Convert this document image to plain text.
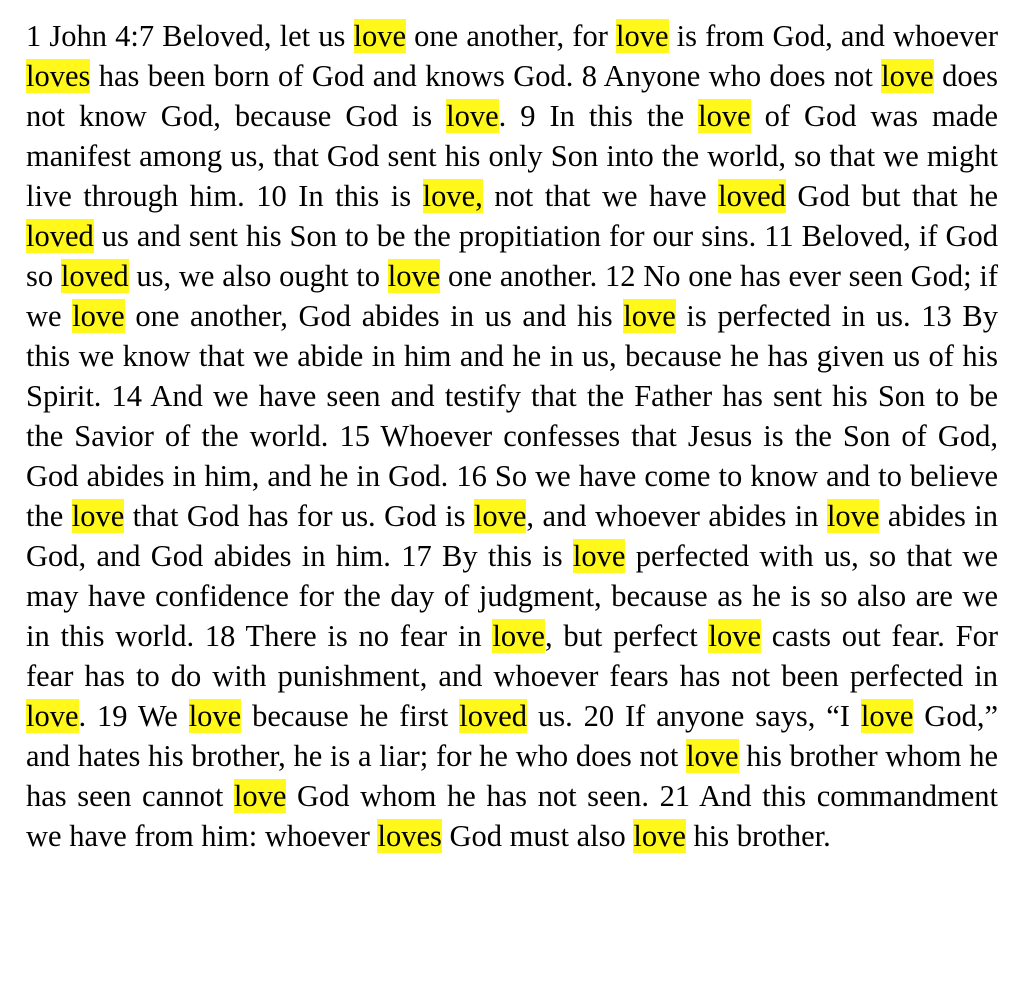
1 John 4:7 Beloved, let us love one another, for love is from God, and whoever loves has been born of God and knows God. 8 Anyone who does not love does not know God, because God is love. 9 In this the love of God was made manifest among us, that God sent his only Son into the world, so that we might live through him. 10 In this is love, not that we have loved God but that he loved us and sent his Son to be the propitiation for our sins. 11 Beloved, if God so loved us, we also ought to love one another. 12 No one has ever seen God; if we love one another, God abides in us and his love is perfected in us. 13 By this we know that we abide in him and he in us, because he has given us of his Spirit. 14 And we have seen and testify that the Father has sent his Son to be the Savior of the world. 15 Whoever confesses that Jesus is the Son of God, God abides in him, and he in God. 16 So we have come to know and to believe the love that God has for us. God is love, and whoever abides in love abides in God, and God abides in him. 17 By this is love perfected with us, so that we may have confidence for the day of judgment, because as he is so also are we in this world. 18 There is no fear in love, but perfect love casts out fear. For fear has to do with punishment, and whoever fears has not been perfected in love. 19 We love because he first loved us. 20 If anyone says, “I love God,” and hates his brother, he is a liar; for he who does not love his brother whom he has seen cannot love God whom he has not seen. 21 And this commandment we have from him: whoever loves God must also love his brother.
